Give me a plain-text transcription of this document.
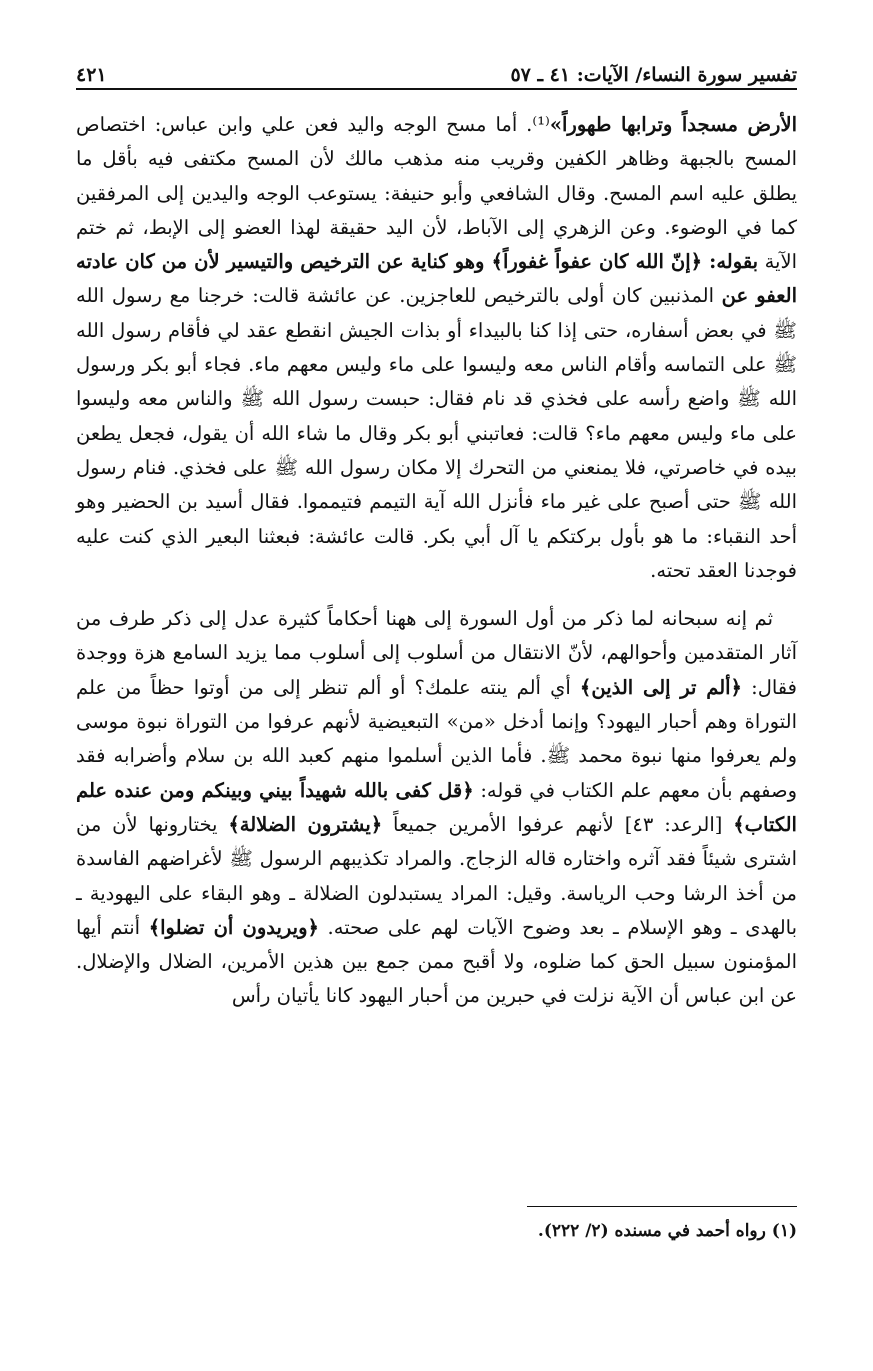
تفسير سورة النساء/ الآيات: ٤١ ـ ٥٧
٤٢١

الأرض مسجداً وترابها طهوراً»⁽¹⁾. أما مسح الوجه واليد فعن علي وابن عباس: اختصاص المسح بالجبهة وظاهر الكفين وقريب منه مذهب مالك لأن المسح مكتفى فيه بأقل ما يطلق عليه اسم المسح. وقال الشافعي وأبو حنيفة: يستوعب الوجه واليدين إلى المرفقين كما في الوضوء. وعن الزهري إلى الآباط، لأن اليد حقيقة لهذا العضو إلى الإبط، ثم ختم الآية بقوله: ﴿إنّ الله كان عفواً غفوراً﴾ وهو كناية عن الترخيص والتيسير لأن من كان عادته العفو عن المذنبين كان أولى بالترخيص للعاجزين. عن عائشة قالت: خرجنا مع رسول الله ﷺ في بعض أسفاره، حتى إذا كنا بالبيداء أو بذات الجيش انقطع عقد لي فأقام رسول الله ﷺ على التماسه وأقام الناس معه وليسوا على ماء وليس معهم ماء. فجاء أبو بكر ورسول الله ﷺ واضع رأسه على فخذي قد نام فقال: حبست رسول الله ﷺ والناس معه وليسوا على ماء وليس معهم ماء؟ قالت: فعاتبني أبو بكر وقال ما شاء الله أن يقول، فجعل يطعن بيده في خاصرتي، فلا يمنعني من التحرك إلا مكان رسول الله ﷺ على فخذي. فنام رسول الله ﷺ حتى أصبح على غير ماء فأنزل الله آية التيمم فتيمموا. فقال أسيد بن الحضير وهو أحد النقباء: ما هو بأول بركتكم يا آل أبي بكر. قالت عائشة: فبعثنا البعير الذي كنت عليه فوجدنا العقد تحته.

ثم إنه سبحانه لما ذكر من أول السورة إلى ههنا أحكاماً كثيرة عدل إلى ذكر طرف من آثار المتقدمين وأحوالهم، لأنّ الانتقال من أسلوب إلى أسلوب مما يزيد السامع هزة ووجدة فقال: ﴿ألم تر إلى الذين﴾ أي ألم ينته علمك؟ أو ألم تنظر إلى من أوتوا حظاً من علم التوراة وهم أحبار اليهود؟ وإنما أدخل «من» التبعيضية لأنهم عرفوا من التوراة نبوة موسى ولم يعرفوا منها نبوة محمد ﷺ. فأما الذين أسلموا منهم كعبد الله بن سلام وأضرابه فقد وصفهم بأن معهم علم الكتاب في قوله: ﴿قل كفى بالله شهيداً بيني وبينكم ومن عنده علم الكتاب﴾ [الرعد: ٤٣] لأنهم عرفوا الأمرين جميعاً ﴿يشترون الضلالة﴾ يختارونها لأن من اشترى شيئاً فقد آثره واختاره قاله الزجاج. والمراد تكذيبهم الرسول ﷺ لأغراضهم الفاسدة من أخذ الرشا وحب الرياسة. وقيل: المراد يستبدلون الضلالة ـ وهو البقاء على اليهودية ـ بالهدى ـ وهو الإسلام ـ بعد وضوح الآيات لهم على صحته. ﴿ويريدون أن تضلوا﴾ أنتم أيها المؤمنون سبيل الحق كما ضلوه، ولا أقبح ممن جمع بين هذين الأمرين، الضلال والإضلال. عن ابن عباس أن الآية نزلت في حبرين من أحبار اليهود كانا يأتيان رأس

(١) رواه أحمد في مسنده (٢/ ٢٢٢).
